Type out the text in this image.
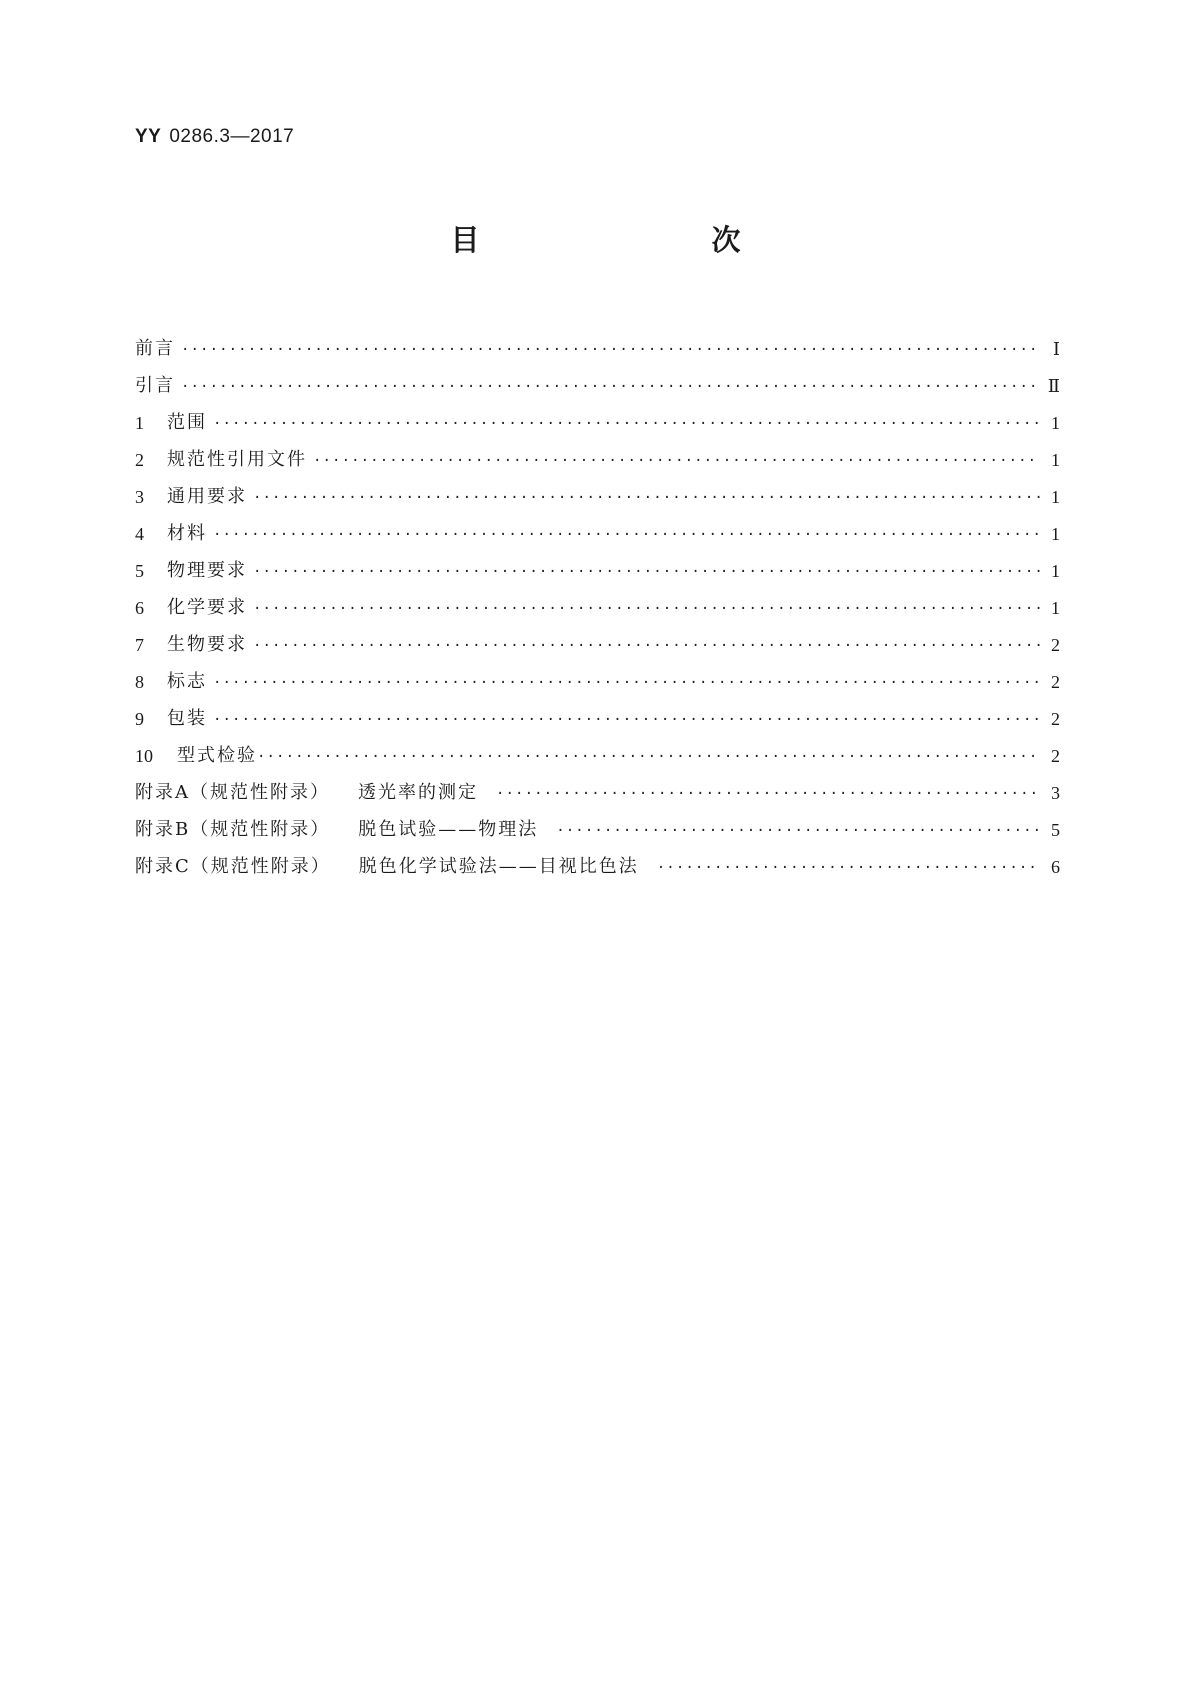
YY 0286.3—2017
目　　次
前言 ·····	Ⅰ
引言 ·····	Ⅱ
1	范围 ·····	1
2	规范性引用文件 ·····	1
3	通用要求 ·····	1
4	材料 ·····	1
5	物理要求 ·····	1
6	化学要求 ·····	1
7	生物要求 ·····	2
8	标志 ·····	2
9	包装 ·····	2
10	型式检验 ·····	2
附录A（规范性附录） 透光率的测定 ·····	3
附录B（规范性附录） 脱色试验——物理法 ·····	5
附录C（规范性附录） 脱色化学试验法——目视比色法 ·····	6
